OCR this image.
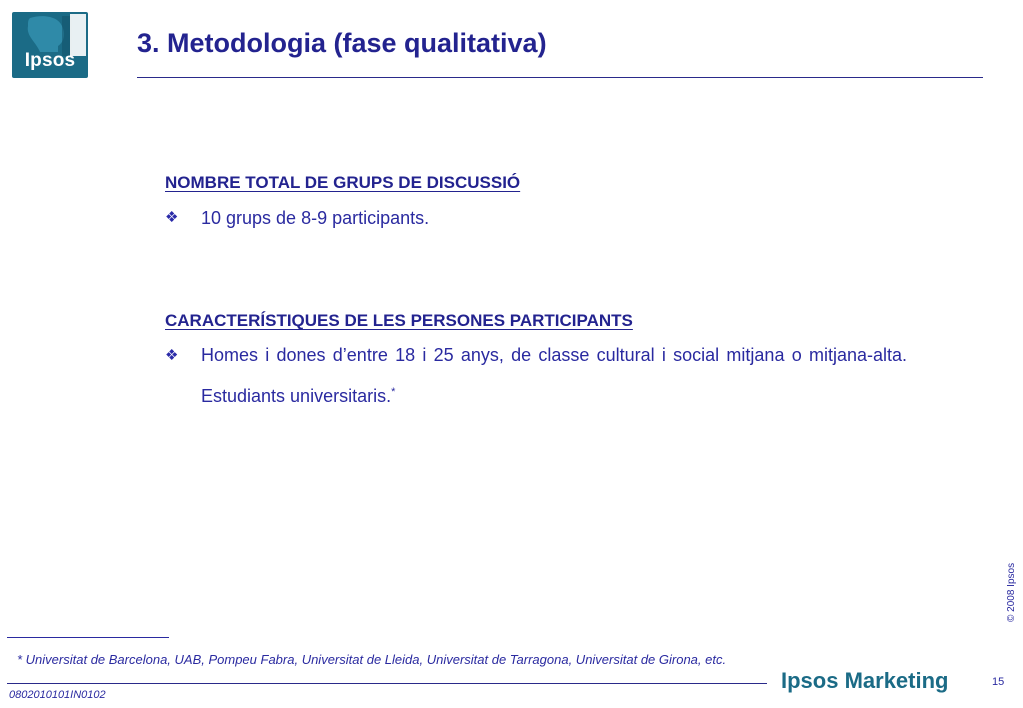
Ipsos
3. Metodologia (fase qualitativa)
NOMBRE TOTAL DE GRUPS DE DISCUSSIÓ
❖	10 grups de 8-9 participants.
CARACTERÍSTIQUES DE LES PERSONES PARTICIPANTS
❖	Homes i dones d’entre 18 i 25 anys, de classe cultural i social mitjana o mitjana-alta. Estudiants universitaris.*
© 2008 Ipsos
* Universitat de Barcelona, UAB, Pompeu Fabra, Universitat de Lleida, Universitat de Tarragona, Universitat de Girona, etc.
0802010101IN0102
Ipsos Marketing	15
